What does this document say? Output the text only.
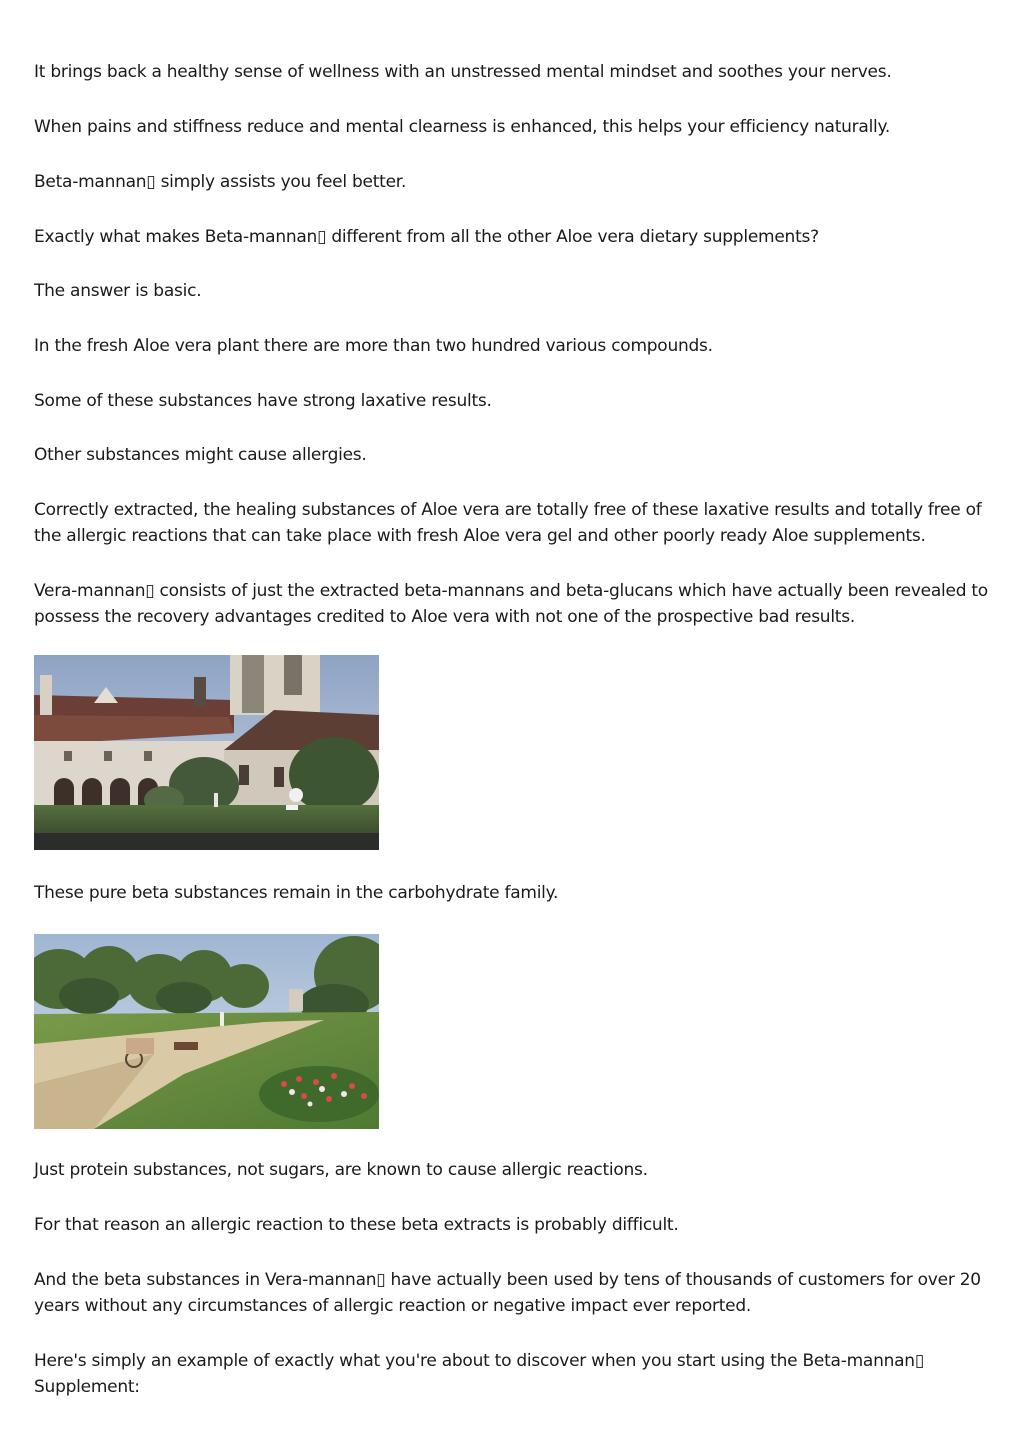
It brings back a healthy sense of wellness with an unstressed mental mindset and soothes your nerves.

When pains and stiffness reduce and mental clearness is enhanced, this helps your efficiency naturally.

Beta-mannan▯ simply assists you feel better.

Exactly what makes Beta-mannan▯ different from all the other Aloe vera dietary supplements?

The answer is basic.

In the fresh Aloe vera plant there are more than two hundred various compounds.

Some of these substances have strong laxative results.

Other substances might cause allergies.

Correctly extracted, the healing substances of Aloe vera are totally free of these laxative results and totally free of the allergic reactions that can take place with fresh Aloe vera gel and other poorly ready Aloe supplements.

Vera-mannan▯ consists of just the extracted beta-mannans and beta-glucans which have actually been revealed to possess the recovery advantages credited to Aloe vera with not one of the prospective bad results.

These pure beta substances remain in the carbohydrate family.

Just protein substances, not sugars, are known to cause allergic reactions.

For that reason an allergic reaction to these beta extracts is probably difficult.

And the beta substances in Vera-mannan▯ have actually been used by tens of thousands of customers for over 20 years without any circumstances of allergic reaction or negative impact ever reported.

Here's simply an example of exactly what you're about to discover when you start using the Beta-mannan▯ Supplement:
